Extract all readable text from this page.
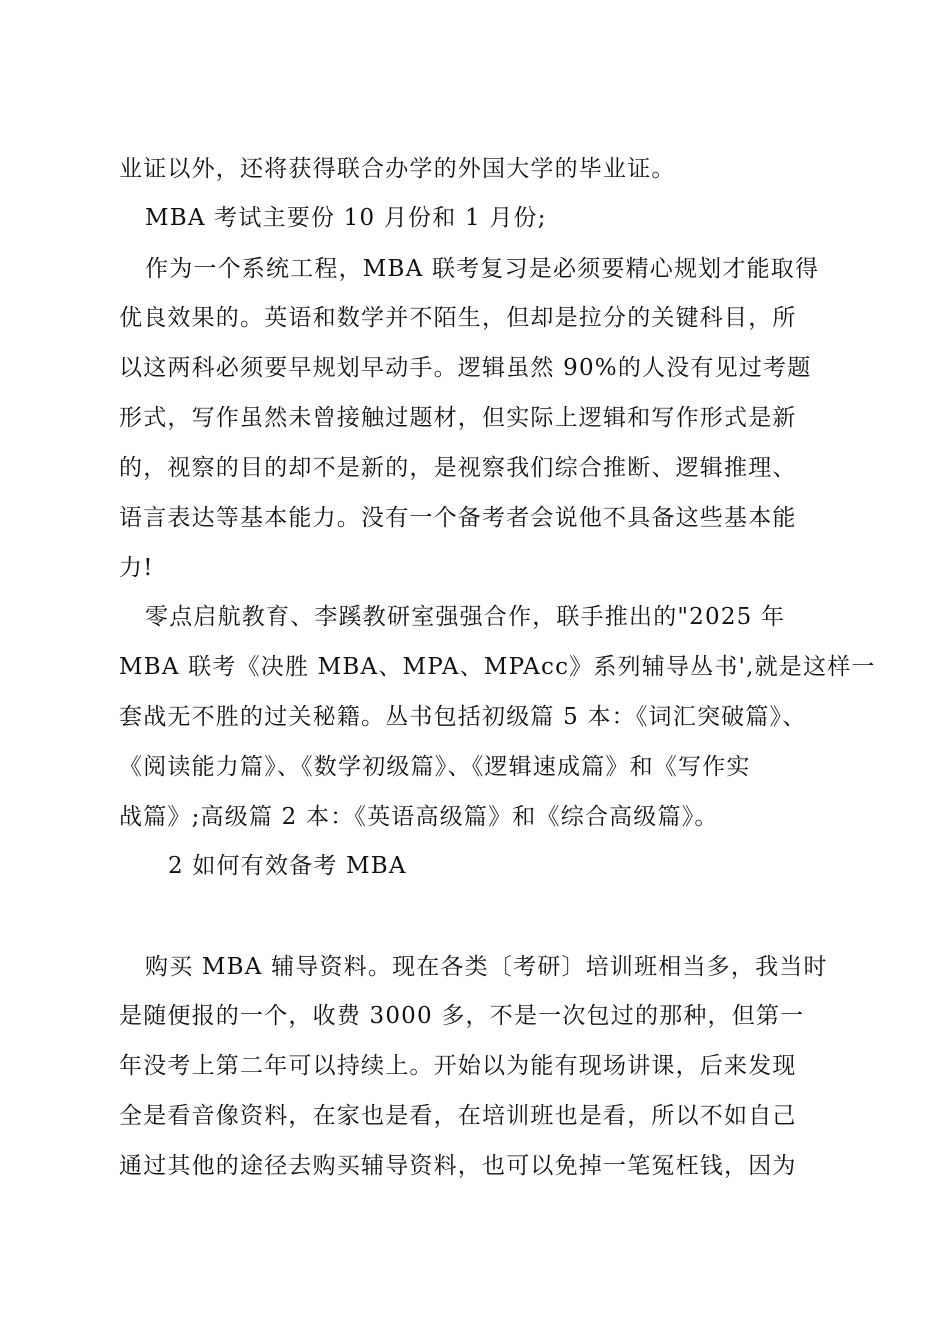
业证以外，还将获得联合办学的外国大学的毕业证。
MBA 考试主要份 10 月份和 1 月份;
作为一个系统工程，MBA 联考复习是必须要精心规划才能取得
优良效果的。英语和数学并不陌生，但却是拉分的关键科目，所
以这两科必须要早规划早动手。逻辑虽然 90%的人没有见过考题
形式，写作虽然未曾接触过题材，但实际上逻辑和写作形式是新
的，视察的目的却不是新的，是视察我们综合推断、逻辑推理、
语言表达等基本能力。没有一个备考者会说他不具备这些基本能
力!
零点启航教育、李蹊教研室强强合作，联手推出的"2025 年
MBA 联考《决胜 MBA、MPA、MPAcc》系列辅导丛书',就是这样一
套战无不胜的过关秘籍。丛书包括初级篇 5 本：《词汇突破篇》、
《阅读能力篇》、《数学初级篇》、《逻辑速成篇》和《写作实
战篇》;高级篇 2 本：《英语高级篇》和《综合高级篇》。
2 如何有效备考 MBA
购买 MBA 辅导资料。现在各类〔考研〕培训班相当多，我当时
是随便报的一个，收费 3000 多，不是一次包过的那种，但第一
年没考上第二年可以持续上。开始以为能有现场讲课，后来发现
全是看音像资料，在家也是看，在培训班也是看，所以不如自己
通过其他的途径去购买辅导资料，也可以免掉一笔冤枉钱，因为
